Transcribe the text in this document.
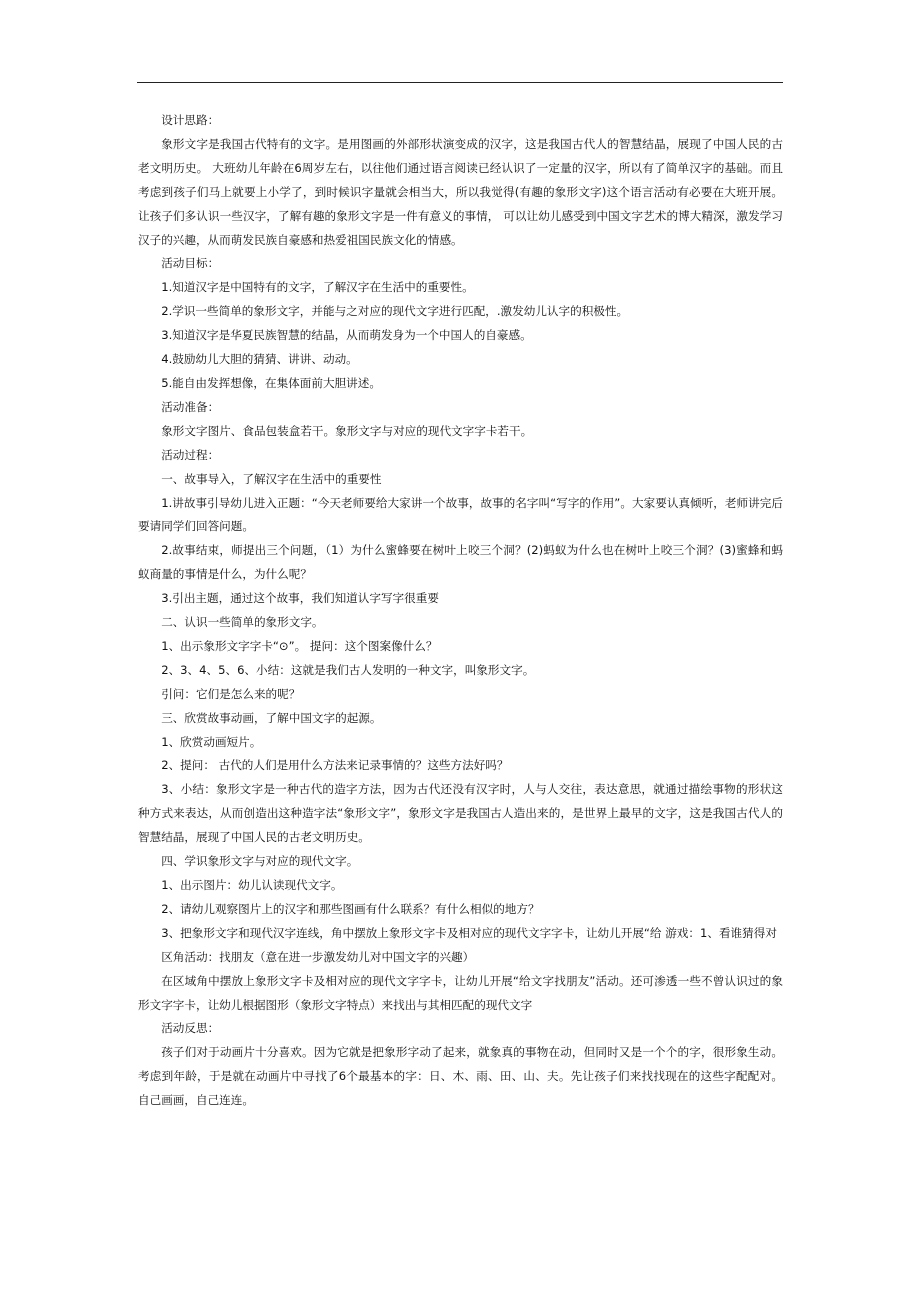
设计思路：

象形文字是我国古代特有的文字。是用图画的外部形状演变成的汉字，这是我国古代人的智慧结晶，展现了中国人民的古老文明历史。 大班幼儿年龄在6周岁左右，以往他们通过语言阅读已经认识了一定量的汉字，所以有了简单汉字的基础。而且考虑到孩子们马上就要上小学了，到时候识字量就会相当大，所以我觉得(有趣的象形文字)这个语言活动有必要在大班开展。让孩子们多认识一些汉字，了解有趣的象形文字是一件有意义的事情， 可以让幼儿感受到中国文字艺术的博大精深，激发学习汉子的兴趣，从而萌发民族自豪感和热爱祖国民族文化的情感。

活动目标：

1.知道汉字是中国特有的文字，了解汉字在生活中的重要性。

2.学识一些简单的象形文字，并能与之对应的现代文字进行匹配，.激发幼儿认字的积极性。

3.知道汉字是华夏民族智慧的结晶，从而萌发身为一个中国人的自豪感。

4.鼓励幼儿大胆的猜猜、讲讲、动动。

5.能自由发挥想像，在集体面前大胆讲述。

活动准备：

象形文字图片、食品包装盒若干。象形文字与对应的现代文字字卡若干。

活动过程：

一、故事导入，了解汉字在生活中的重要性

1.讲故事引导幼儿进入正题：“今天老师要给大家讲一个故事，故事的名字叫“写字的作用”。大家要认真倾听，老师讲完后要请同学们回答问题。

2.故事结束，师提出三个问题，（1）为什么蜜蜂要在树叶上咬三个洞？(2)蚂蚁为什么也在树叶上咬三个洞？(3)蜜蜂和蚂蚁商量的事情是什么，为什么呢？

3.引出主题，通过这个故事，我们知道认字写字很重要

二、认识一些简单的象形文字。

1、出示象形文字字卡“⊙”。 提问：这个图案像什么？

2、3、4、5、6、小结：这就是我们古人发明的一种文字，叫象形文字。

引问：它们是怎么来的呢？

三、欣赏故事动画，了解中国文字的起源。

1、欣赏动画短片。

2、提问： 古代的人们是用什么方法来记录事情的？这些方法好吗？

3、小结：象形文字是一种古代的造字方法，因为古代还没有汉字时，人与人交往，表达意思，就通过描绘事物的形状这种方式来表达，从而创造出这种造字法“象形文字”，象形文字是我国古人造出来的，是世界上最早的文字，这是我国古代人的智慧结晶，展现了中国人民的古老文明历史。

四、学识象形文字与对应的现代文字。

1、出示图片：幼儿认读现代文字。

2、请幼儿观察图片上的汉字和那些图画有什么联系？有什么相似的地方？

3、把象形文字和现代汉字连线，角中摆放上象形文字卡及相对应的现代文字字卡，让幼儿开展“给 游戏：1、看谁猜得对

区角活动：找朋友（意在进一步激发幼儿对中国文字的兴趣）

在区域角中摆放上象形文字卡及相对应的现代文字字卡，让幼儿开展“给文字找朋友”活动。还可渗透一些不曾认识过的象形文字字卡，让幼儿根据图形（象形文字特点）来找出与其相匹配的现代文字

活动反思：

孩子们对于动画片十分喜欢。因为它就是把象形字动了起来，就象真的事物在动，但同时又是一个个的字，很形象生动。考虑到年龄，于是就在动画片中寻找了6个最基本的字：日、木、雨、田、山、夫。先让孩子们来找找现在的这些字配配对。自己画画，自己连连。
